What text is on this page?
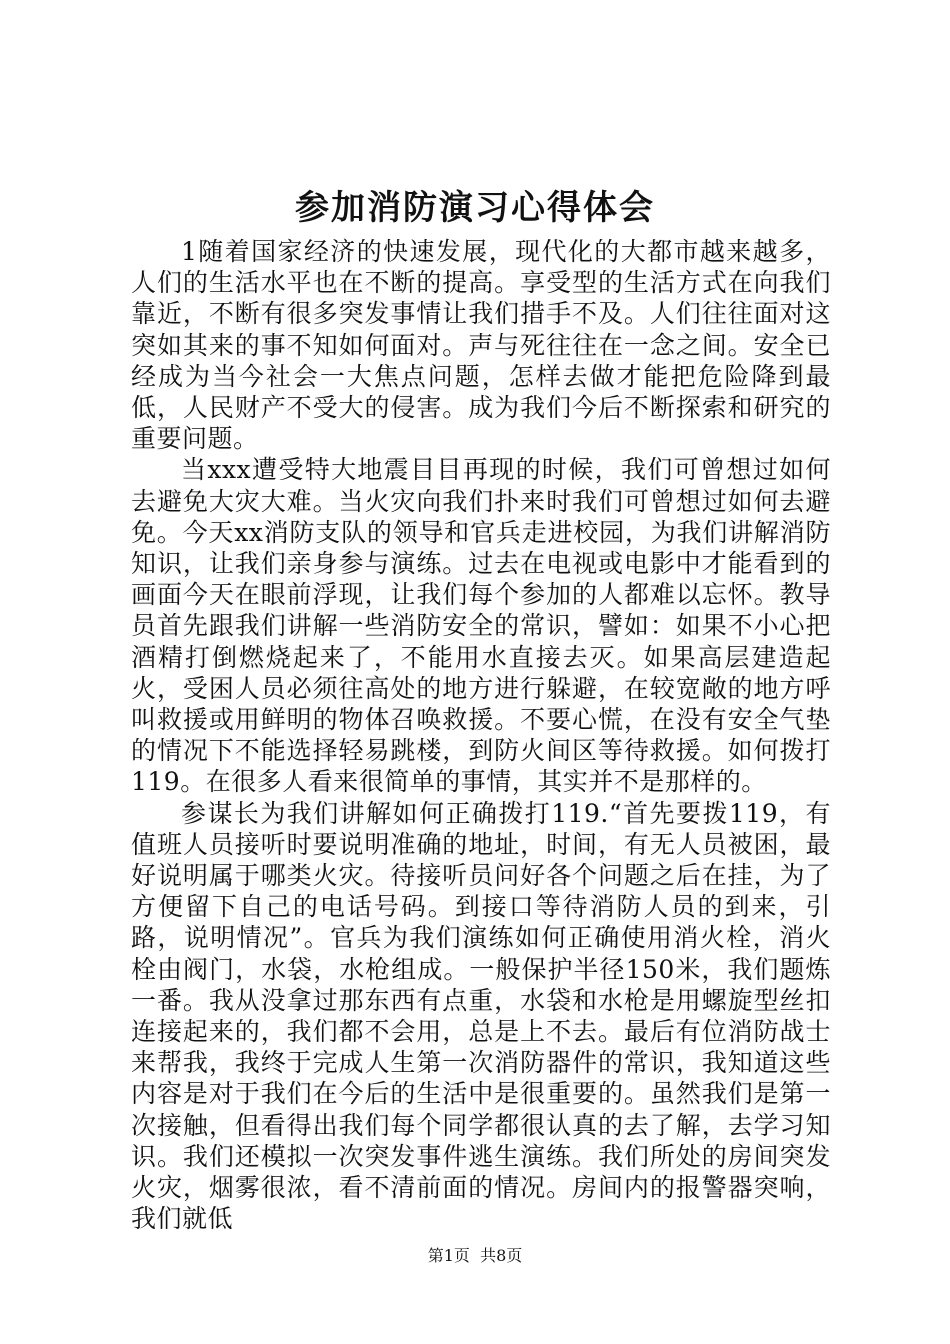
参加消防演习心得体会

1随着国家经济的快速发展，现代化的大都市越来越多，人们的生活水平也在不断的提高。享受型的生活方式在向我们靠近，不断有很多突发事情让我们措手不及。人们往往面对这突如其来的事不知如何面对。声与死往往在一念之间。安全已经成为当今社会一大焦点问题，怎样去做才能把危险降到最低，人民财产不受大的侵害。成为我们今后不断探索和研究的重要问题。

当xxx遭受特大地震目目再现的时候，我们可曾想过如何去避免大灾大难。当火灾向我们扑来时我们可曾想过如何去避免。今天xx消防支队的领导和官兵走进校园，为我们讲解消防知识，让我们亲身参与演练。过去在电视或电影中才能看到的画面今天在眼前浮现，让我们每个参加的人都难以忘怀。教导员首先跟我们讲解一些消防安全的常识，譬如：如果不小心把酒精打倒燃烧起来了，不能用水直接去灭。如果高层建造起火，受困人员必须往高处的地方进行躲避，在较宽敞的地方呼叫救援或用鲜明的物体召唤救援。不要心慌，在没有安全气垫的情况下不能选择轻易跳楼，到防火间区等待救援。如何拨打119。在很多人看来很简单的事情，其实并不是那样的。

参谋长为我们讲解如何正确拨打119.“首先要拨119，有值班人员接听时要说明准确的地址，时间，有无人员被困，最好说明属于哪类火灾。待接听员问好各个问题之后在挂，为了方便留下自己的电话号码。到接口等待消防人员的到来，引路，说明情况”。官兵为我们演练如何正确使用消火栓，消火栓由阀门，水袋，水枪组成。一般保护半径150米，我们题炼一番。我从没拿过那东西有点重，水袋和水枪是用螺旋型丝扣连接起来的，我们都不会用，总是上不去。最后有位消防战士来帮我，我终于完成人生第一次消防器件的常识，我知道这些内容是对于我们在今后的生活中是很重要的。虽然我们是第一次接触，但看得出我们每个同学都很认真的去了解，去学习知识。我们还模拟一次突发事件逃生演练。我们所处的房间突发火灾，烟雾很浓，看不清前面的情况。房间内的报警器突响，我们就低

第1页  共8页
